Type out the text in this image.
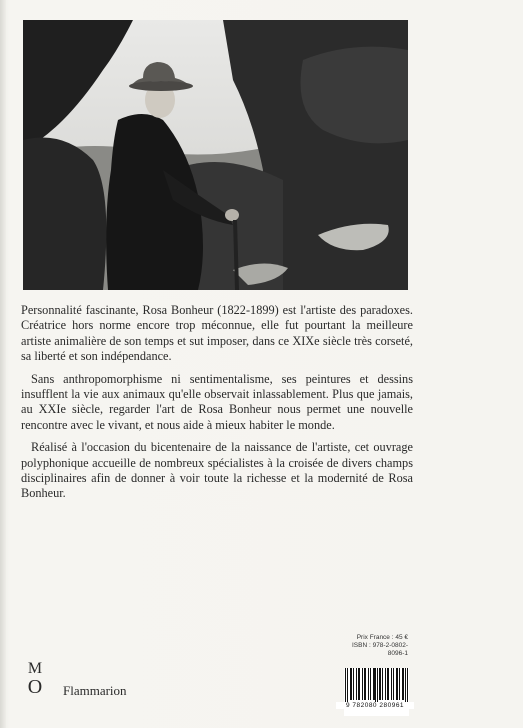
Personnalité fascinante, Rosa Bonheur (1822-1899) est l'artiste des paradoxes. Créatrice hors norme encore trop méconnue, elle fut pourtant la meilleure artiste animalière de son temps et sut imposer, dans ce XIXe siècle très corseté, sa liberté et son indépendance.

Sans anthropomorphisme ni sentimentalisme, ses peintures et dessins insufflent la vie aux animaux qu'elle observait inlassablement. Plus que jamais, au XXIe siècle, regarder l'art de Rosa Bonheur nous permet une nouvelle rencontre avec le vivant, et nous aide à mieux habiter le monde.

Réalisé à l'occasion du bicentenaire de la naissance de l'artiste, cet ouvrage polyphonique accueille de nombreux spécialistes à la croisée de divers champs disciplinaires afin de donner à voir toute la richesse et la modernité de Rosa Bonheur.

M
O	Flammarion
Prix France : 45 €
ISBN : 978-2-0802-8096-1
9 782080 280961
